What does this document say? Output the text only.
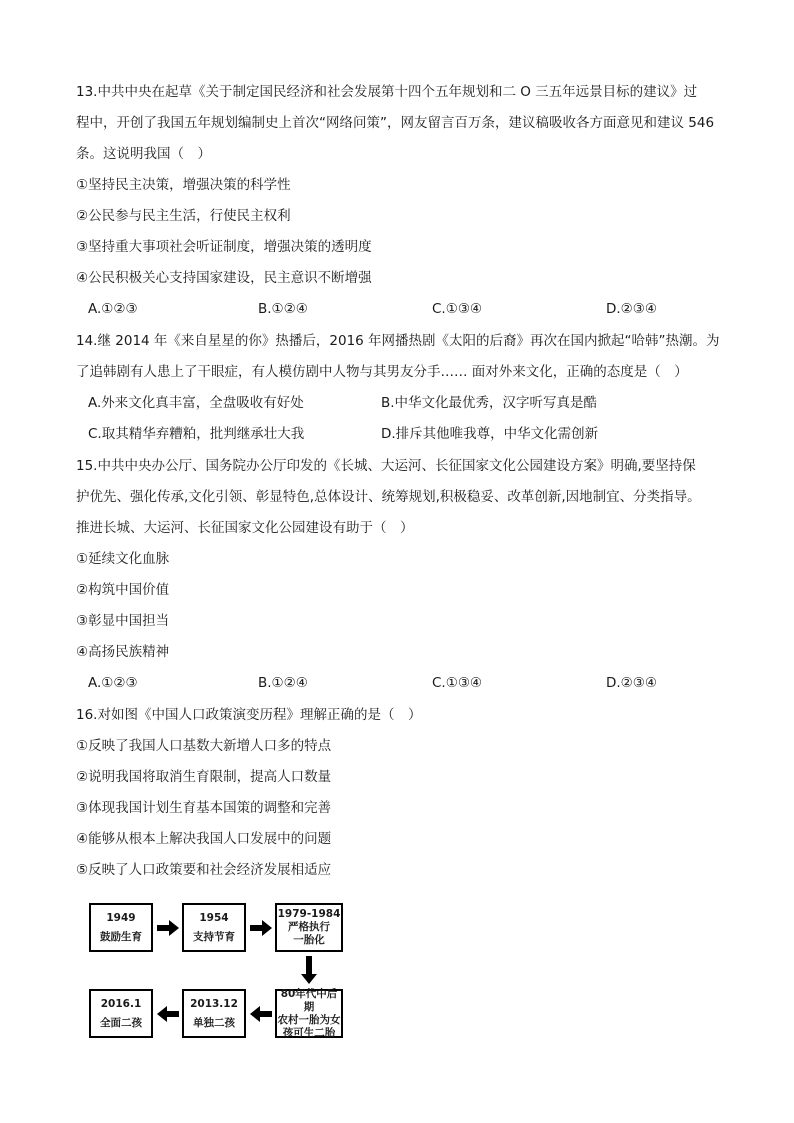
13.中共中央在起草《关于制定国民经济和社会发展第十四个五年规划和二 O 三五年远景目标的建议》过
程中，开创了我国五年规划编制史上首次“网络问策”，网友留言百万条，建议稿吸收各方面意见和建议 546
条。这说明我国（　）
①坚持民主决策，增强决策的科学性
②公民参与民主生活，行使民主权利
③坚持重大事项社会听证制度，增强决策的透明度
④公民积极关心支持国家建设，民主意识不断增强
A.①②③	B.①②④	C.①③④	D.②③④
14.继 2014 年《来自星星的你》热播后，2016 年网播热剧《太阳的后裔》再次在国内掀起“哈韩”热潮。为
了追韩剧有人患上了干眼症，有人模仿剧中人物与其男友分手…… 面对外来文化，正确的态度是（　）
A.外来文化真丰富，全盘吸收有好处	B.中华文化最优秀，汉字听写真是酷
C.取其精华弃糟粕，批判继承壮大我	D.排斥其他唯我尊，中华文化需创新
15.中共中央办公厅、国务院办公厅印发的《长城、大运河、长征国家文化公园建设方案》明确,要坚持保
护优先、强化传承,文化引领、彰显特色,总体设计、统筹规划,积极稳妥、改革创新,因地制宜、分类指导。
推进长城、大运河、长征国家文化公园建设有助于（　）
①延续文化血脉
②构筑中国价值
③彰显中国担当
④高扬民族精神
A.①②③	B.①②④	C.①③④	D.②③④
16.对如图《中国人口政策演变历程》理解正确的是（　）
①反映了我国人口基数大新增人口多的特点
②说明我国将取消生育限制，提高人口数量
③体现我国计划生育基本国策的调整和完善
④能够从根本上解决我国人口发展中的问题
⑤反映了人口政策要和社会经济发展相适应
1949
鼓励生育
1954
支持节育
1979-1984
严格执行
一胎化
2016.1
全面二孩
2013.12
单独二孩
80年代中后期
农村一胎为女
孩可生二胎
